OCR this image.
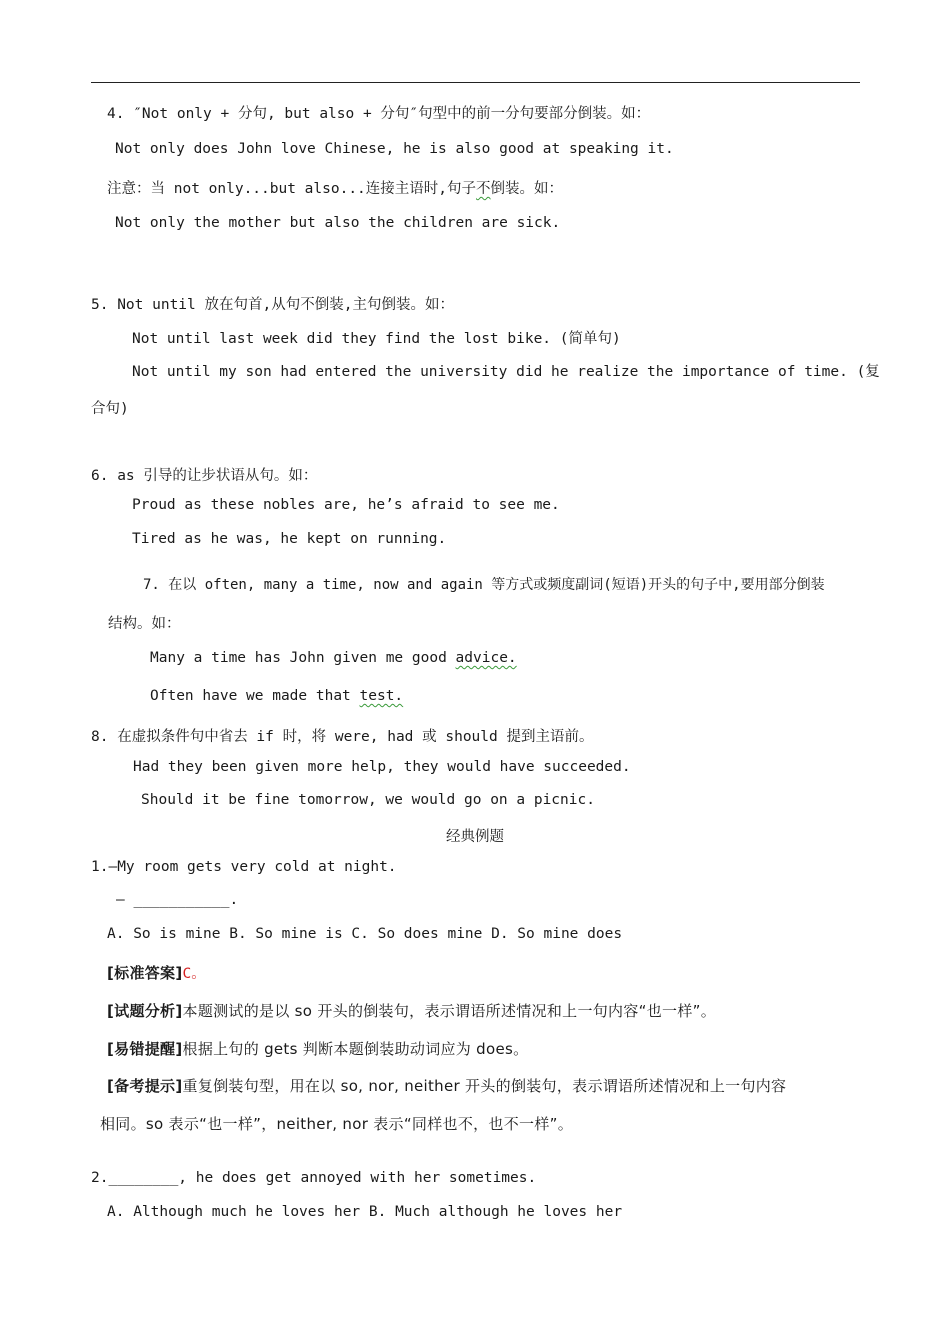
4. ″Not only + 分句, but also + 分句″句型中的前一分句要部分倒装。如：
Not only does John love Chinese, he is also good at speaking it.
注意：当 not only...but also...连接主语时,句子不倒装。如：
Not only the mother but also the children are sick.
5. Not until 放在句首,从句不倒装,主句倒装。如：
Not until last week did they find the lost bike. (简单句)
Not until my son had entered the university did he realize the importance of time. (复
合句)
6. as 引导的让步状语从句。如：
Proud as these nobles are, he’s afraid to see me.
Tired as he was, he kept on running.
7. 在以 often, many a time, now and again 等方式或频度副词(短语)开头的句子中,要用部分倒装
结构。如：
Many a time has John given me good advice.
Often have we made that test.
8. 在虚拟条件句中省去 if 时，将 were, had 或 should 提到主语前。
Had they been given more help, they would have succeeded.
Should it be fine tomorrow, we would go on a picnic.
经典例题
1.—My room gets very cold at night.
— ___________.
A. So is mine B. So mine is C. So does mine D. So mine does
[标准答案]C。
[试题分析]本题测试的是以 so 开头的倒装句，表示谓语所述情况和上一句内容“也一样”。
[易错提醒]根据上句的 gets 判断本题倒装助动词应为 does。
[备考提示]重复倒装句型，用在以 so, nor, neither 开头的倒装句，表示谓语所述情况和上一句内容
相同。so 表示“也一样”，neither, nor 表示“同样也不，也不一样”。
2.________, he does get annoyed with her sometimes.
A. Although much he loves her B. Much although he loves her
